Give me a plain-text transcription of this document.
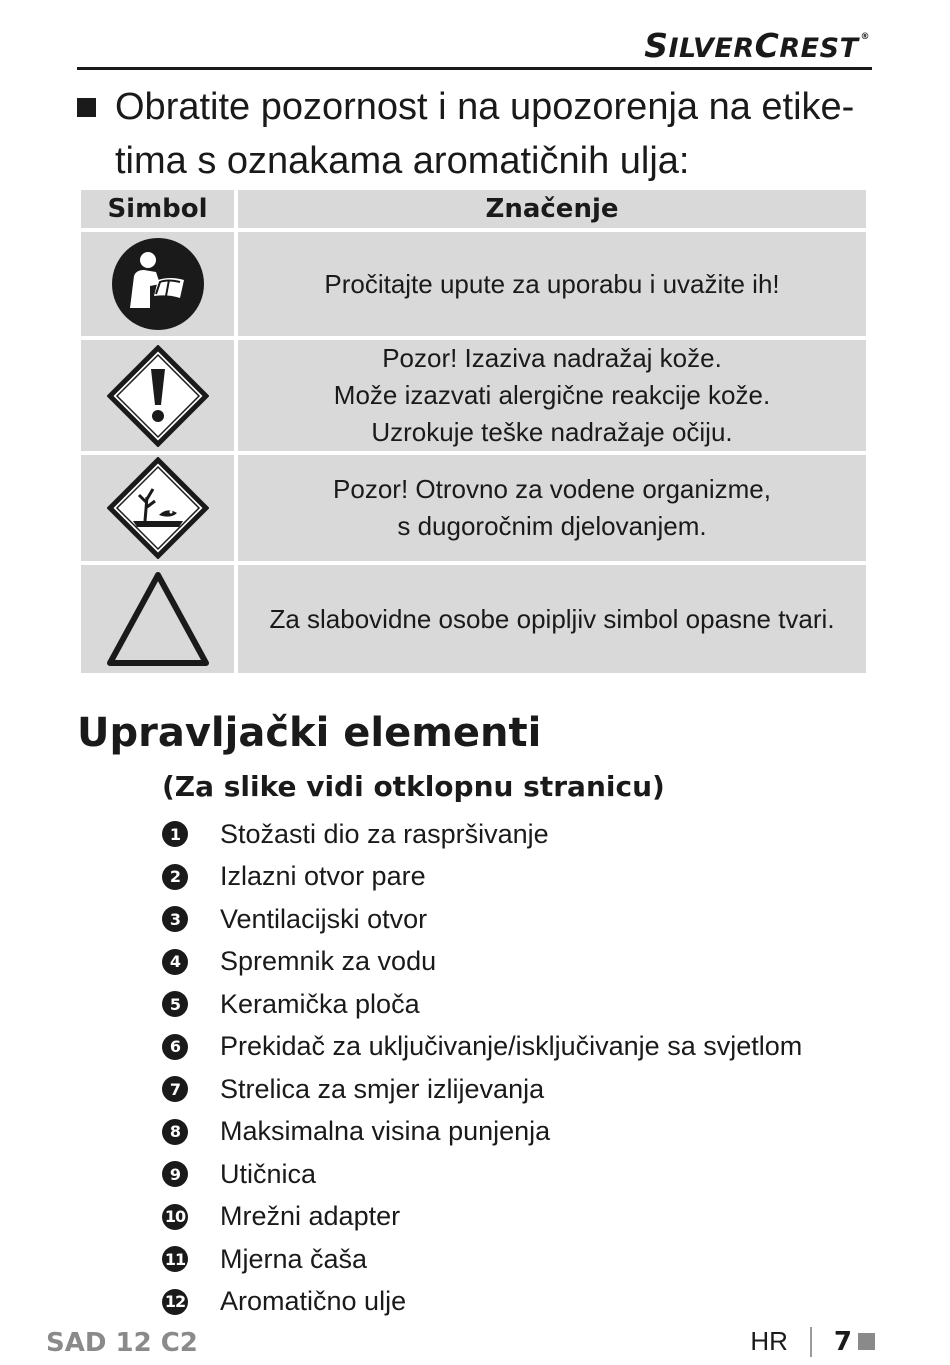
SILVERCREST ®
Obratite pozornost i na upozorenja na etike-tima s oznakama aromatičnih ulja:
Simbol	Značenje

Pročitajte upute za uporabu i uvažite ih!

Pozor! Izaziva nadražaj kože.
Može izazvati alergične reakcije kože.
Uzrokuje teške nadražaje očiju.

Pozor! Otrovno za vodene organizme,
s dugoročnim djelovanjem.

Za slabovidne osobe opipljiv simbol opasne tvari.
Upravljački elementi
(Za slike vidi otklopnu stranicu)
1 Stožasti dio za raspršivanje
2 Izlazni otvor pare
3 Ventilacijski otvor
4 Spremnik za vodu
5 Keramička ploča
6 Prekidač za uključivanje/isključivanje sa svjetlom
7 Strelica za smjer izlijevanja
8 Maksimalna visina punjenja
9 Utičnica
10 Mrežni adapter
11 Mjerna čaša
12 Aromatično ulje
SAD 12 C2	HR 7
